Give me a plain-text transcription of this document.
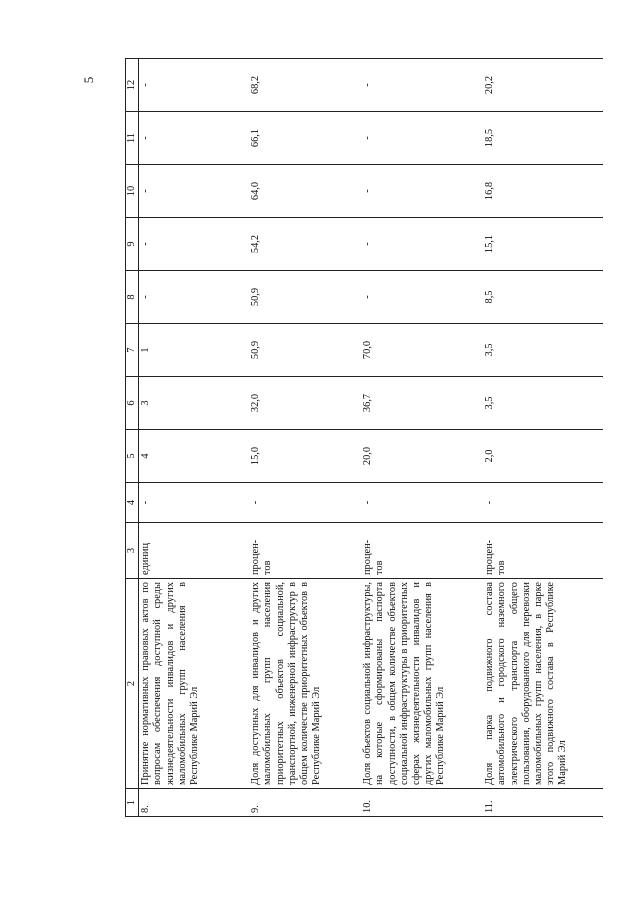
5
1	2	3	4	5	6	7	8	9	10	11	12
8.	Принятие нормативных правовых актов по вопросам обеспечения доступной среды жизнедеятельности инвалидов и других маломобильных групп населения в Республике Марий Эл	единиц	-	4	3	1	-	-	-	-	-
9.	Доля доступных для инвалидов и других маломобильных групп населения приоритетных объектов социальной, транспортной, инженерной инфраструктур в общем количестве приоритетных объектов в Республике Марий Эл	процен-тов	-	15,0	32,0	50,9	50,9	54,2	64,0	66,1	68,2
10.	Доля объектов социальной инфраструктуры, на которые сформированы паспорта доступности, в общем количестве объектов социальной инфраструктуры в приоритетных сферах жизнедеятельности инвалидов и других маломобильных групп населения в Республике Марий Эл	процен-тов	-	20,0	36,7	70,0	-	-	-	-	-
11.	Доля парка подвижного состава автомобильного и городского наземного электрического транспорта общего пользования, оборудованного для перевозки маломобильных групп населения, в парке этого подвижного состава в Республике Марий Эл	процен-тов	-	2,0	3,5	3,5	8,5	15,1	16,8	18,5	20,2
